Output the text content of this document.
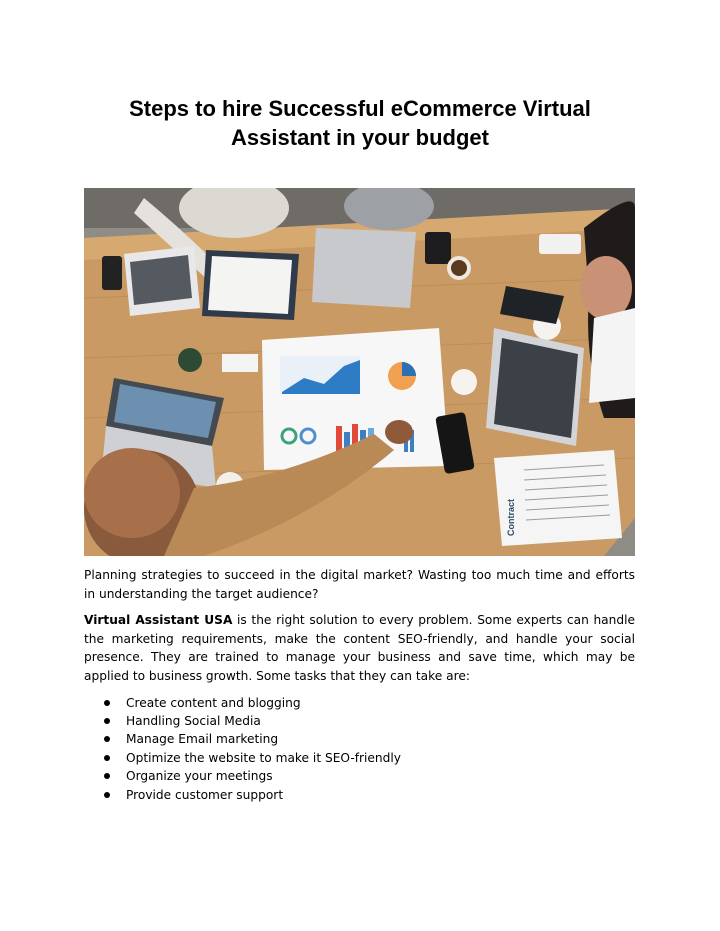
Steps to hire Successful eCommerce Virtual
Assistant in your budget
Contract

Planning strategies to succeed in the digital market? Wasting too much time and efforts in understanding the target audience?

Virtual Assistant USA is the right solution to every problem. Some experts can handle the marketing requirements, make the content SEO-friendly, and handle your social presence. They are trained to manage your business and save time, which may be applied to business growth. Some tasks that they can take are:

Create content and blogging
Handling Social Media
Manage Email marketing
Optimize the website to make it SEO-friendly
Organize your meetings
Provide customer support
